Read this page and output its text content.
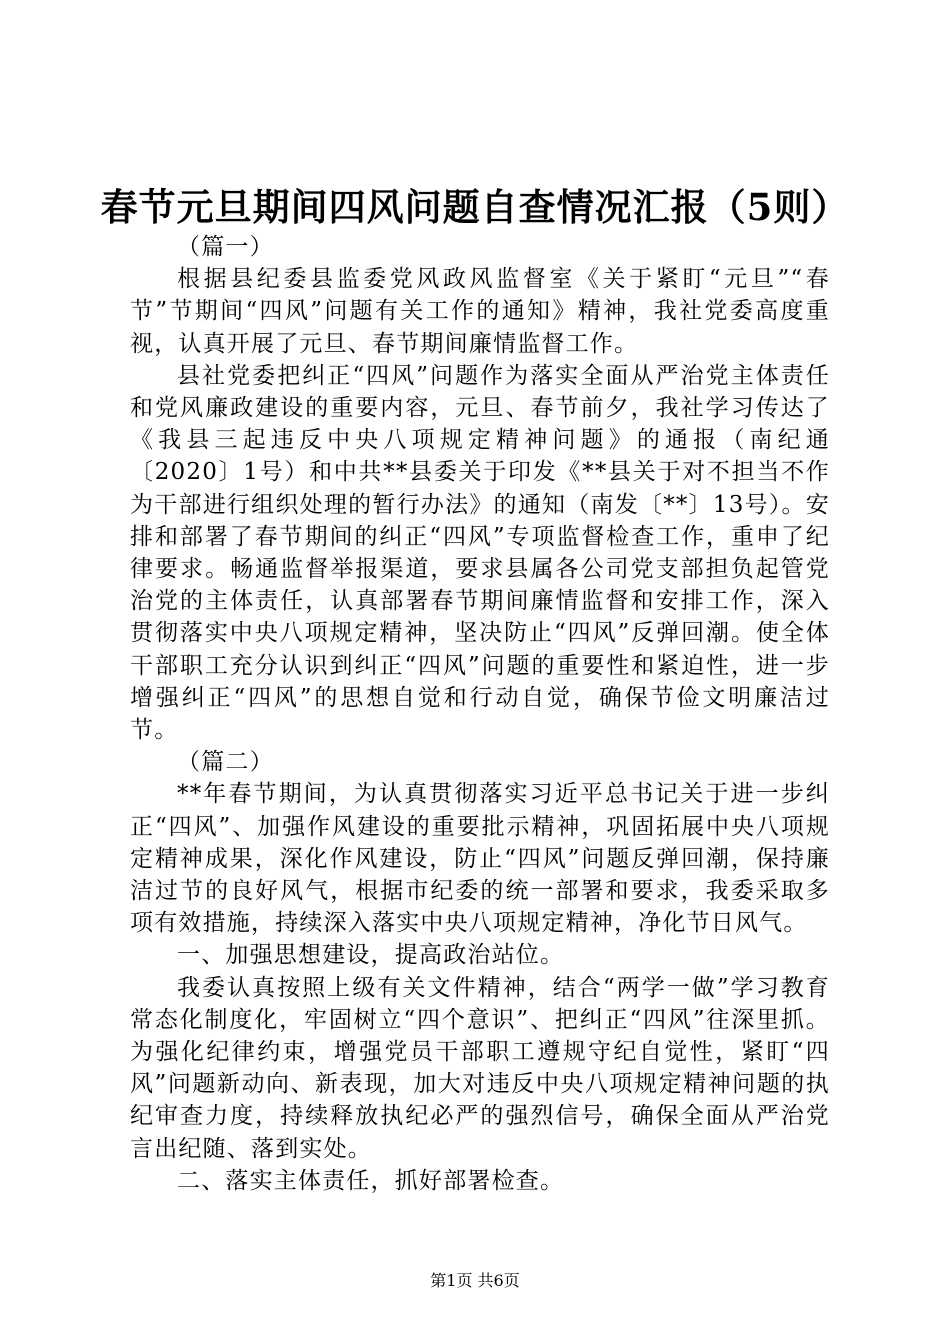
春节元旦期间四风问题自查情况汇报（5则）

（篇一）

根据县纪委县监委党风政风监督室《关于紧盯“元旦”“春节”节期间“四风”问题有关工作的通知》精神，我社党委高度重视，认真开展了元旦、春节期间廉情监督工作。

县社党委把纠正“四风”问题作为落实全面从严治党主体责任和党风廉政建设的重要内容，元旦、春节前夕，我社学习传达了《我县三起违反中央八项规定精神问题》的通报（南纪通〔2020〕1号）和中共**县委关于印发《**县关于对不担当不作为干部进行组织处理的暂行办法》的通知（南发〔**〕13号）。安排和部署了春节期间的纠正“四风”专项监督检查工作，重申了纪律要求。畅通监督举报渠道，要求县属各公司党支部担负起管党治党的主体责任，认真部署春节期间廉情监督和安排工作，深入贯彻落实中央八项规定精神，坚决防止“四风”反弹回潮。使全体干部职工充分认识到纠正“四风”问题的重要性和紧迫性，进一步增强纠正“四风”的思想自觉和行动自觉，确保节俭文明廉洁过节。

（篇二）

**年春节期间，为认真贯彻落实习近平总书记关于进一步纠正“四风”、加强作风建设的重要批示精神，巩固拓展中央八项规定精神成果，深化作风建设，防止“四风”问题反弹回潮，保持廉洁过节的良好风气，根据市纪委的统一部署和要求，我委采取多项有效措施，持续深入落实中央八项规定精神，净化节日风气。

一、加强思想建设，提高政治站位。

我委认真按照上级有关文件精神，结合“两学一做”学习教育常态化制度化，牢固树立“四个意识”、把纠正“四风”往深里抓。为强化纪律约束，增强党员干部职工遵规守纪自觉性，紧盯“四风”问题新动向、新表现，加大对违反中央八项规定精神问题的执纪审查力度，持续释放执纪必严的强烈信号，确保全面从严治党言出纪随、落到实处。

二、落实主体责任，抓好部署检查。

第1页 共6页
